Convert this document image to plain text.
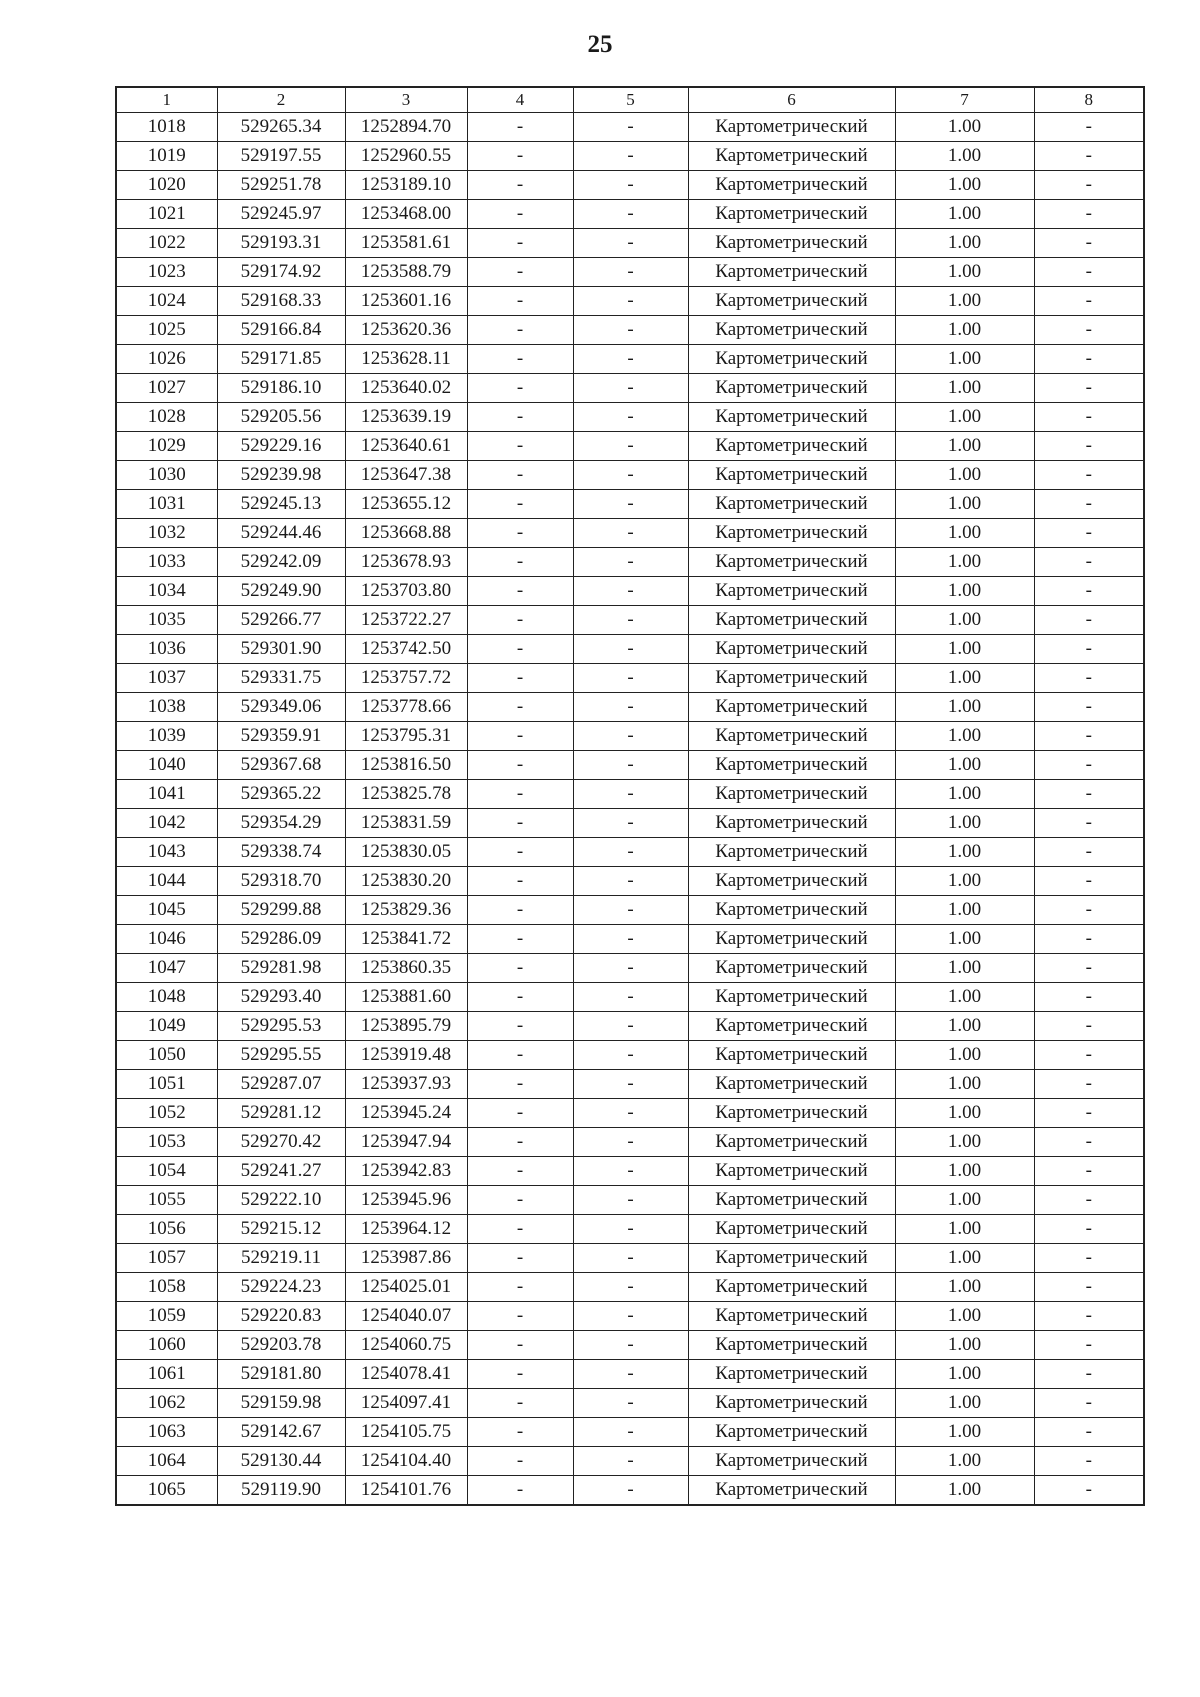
25
1	2	3	4	5	6	7	8
1018	529265.34	1252894.70	-	-	Картометрический	1.00	-
1019	529197.55	1252960.55	-	-	Картометрический	1.00	-
1020	529251.78	1253189.10	-	-	Картометрический	1.00	-
1021	529245.97	1253468.00	-	-	Картометрический	1.00	-
1022	529193.31	1253581.61	-	-	Картометрический	1.00	-
1023	529174.92	1253588.79	-	-	Картометрический	1.00	-
1024	529168.33	1253601.16	-	-	Картометрический	1.00	-
1025	529166.84	1253620.36	-	-	Картометрический	1.00	-
1026	529171.85	1253628.11	-	-	Картометрический	1.00	-
1027	529186.10	1253640.02	-	-	Картометрический	1.00	-
1028	529205.56	1253639.19	-	-	Картометрический	1.00	-
1029	529229.16	1253640.61	-	-	Картометрический	1.00	-
1030	529239.98	1253647.38	-	-	Картометрический	1.00	-
1031	529245.13	1253655.12	-	-	Картометрический	1.00	-
1032	529244.46	1253668.88	-	-	Картометрический	1.00	-
1033	529242.09	1253678.93	-	-	Картометрический	1.00	-
1034	529249.90	1253703.80	-	-	Картометрический	1.00	-
1035	529266.77	1253722.27	-	-	Картометрический	1.00	-
1036	529301.90	1253742.50	-	-	Картометрический	1.00	-
1037	529331.75	1253757.72	-	-	Картометрический	1.00	-
1038	529349.06	1253778.66	-	-	Картометрический	1.00	-
1039	529359.91	1253795.31	-	-	Картометрический	1.00	-
1040	529367.68	1253816.50	-	-	Картометрический	1.00	-
1041	529365.22	1253825.78	-	-	Картометрический	1.00	-
1042	529354.29	1253831.59	-	-	Картометрический	1.00	-
1043	529338.74	1253830.05	-	-	Картометрический	1.00	-
1044	529318.70	1253830.20	-	-	Картометрический	1.00	-
1045	529299.88	1253829.36	-	-	Картометрический	1.00	-
1046	529286.09	1253841.72	-	-	Картометрический	1.00	-
1047	529281.98	1253860.35	-	-	Картометрический	1.00	-
1048	529293.40	1253881.60	-	-	Картометрический	1.00	-
1049	529295.53	1253895.79	-	-	Картометрический	1.00	-
1050	529295.55	1253919.48	-	-	Картометрический	1.00	-
1051	529287.07	1253937.93	-	-	Картометрический	1.00	-
1052	529281.12	1253945.24	-	-	Картометрический	1.00	-
1053	529270.42	1253947.94	-	-	Картометрический	1.00	-
1054	529241.27	1253942.83	-	-	Картометрический	1.00	-
1055	529222.10	1253945.96	-	-	Картометрический	1.00	-
1056	529215.12	1253964.12	-	-	Картометрический	1.00	-
1057	529219.11	1253987.86	-	-	Картометрический	1.00	-
1058	529224.23	1254025.01	-	-	Картометрический	1.00	-
1059	529220.83	1254040.07	-	-	Картометрический	1.00	-
1060	529203.78	1254060.75	-	-	Картометрический	1.00	-
1061	529181.80	1254078.41	-	-	Картометрический	1.00	-
1062	529159.98	1254097.41	-	-	Картометрический	1.00	-
1063	529142.67	1254105.75	-	-	Картометрический	1.00	-
1064	529130.44	1254104.40	-	-	Картометрический	1.00	-
1065	529119.90	1254101.76	-	-	Картометрический	1.00	-
